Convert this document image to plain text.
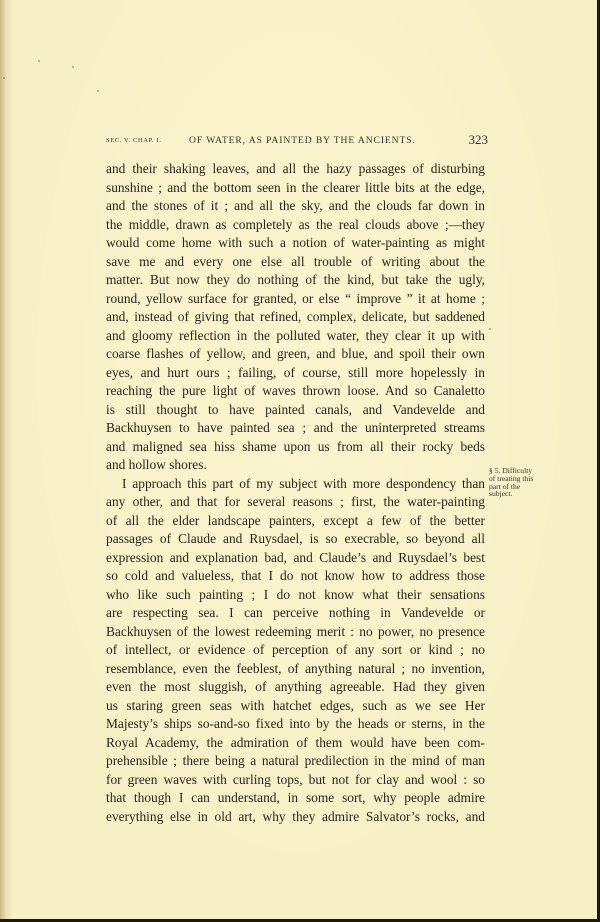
SEC. V. CHAP. I.	OF WATER, AS PAINTED BY THE ANCIENTS.	323
and their shaking leaves, and all the hazy passages of disturbing
sunshine ; and the bottom seen in the clearer little bits at the edge,
and the stones of it ; and all the sky, and the clouds far down in
the middle, drawn as completely as the real clouds above ;—they
would come home with such a notion of water-painting as might
save me and every one else all trouble of writing about the
matter. But now they do nothing of the kind, but take the ugly,
round, yellow surface for granted, or else “ improve ” it at home ;
and, instead of giving that refined, complex, delicate, but saddened
and gloomy reflection in the polluted water, they clear it up with
coarse flashes of yellow, and green, and blue, and spoil their own
eyes, and hurt ours ; failing, of course, still more hopelessly in
reaching the pure light of waves thrown loose. And so Canaletto
is still thought to have painted canals, and Vandevelde and
Backhuysen to have painted sea ; and the uninterpreted streams
and maligned sea hiss shame upon us from all their rocky beds
and hollow shores.
I approach this part of my subject with more despondency than
any other, and that for several reasons ; first, the water-painting
of all the elder landscape painters, except a few of the better
passages of Claude and Ruysdael, is so execrable, so beyond all
expression and explanation bad, and Claude’s and Ruysdael’s best
so cold and valueless, that I do not know how to address those
who like such painting ; I do not know what their sensations
are respecting sea. I can perceive nothing in Vandevelde or
Backhuysen of the lowest redeeming merit : no power, no presence
of intellect, or evidence of perception of any sort or kind ; no
resemblance, even the feeblest, of anything natural ; no invention,
even the most sluggish, of anything agreeable. Had they given
us staring green seas with hatchet edges, such as we see Her
Majesty’s ships so-and-so fixed into by the heads or sterns, in the
Royal Academy, the admiration of them would have been com-
prehensible ; there being a natural predilection in the mind of man
for green waves with curling tops, but not for clay and wool : so
that though I can understand, in some sort, why people admire
everything else in old art, why they admire Salvator’s rocks, and
§ 5. Difficulty
of treating this
part of the
subject.
